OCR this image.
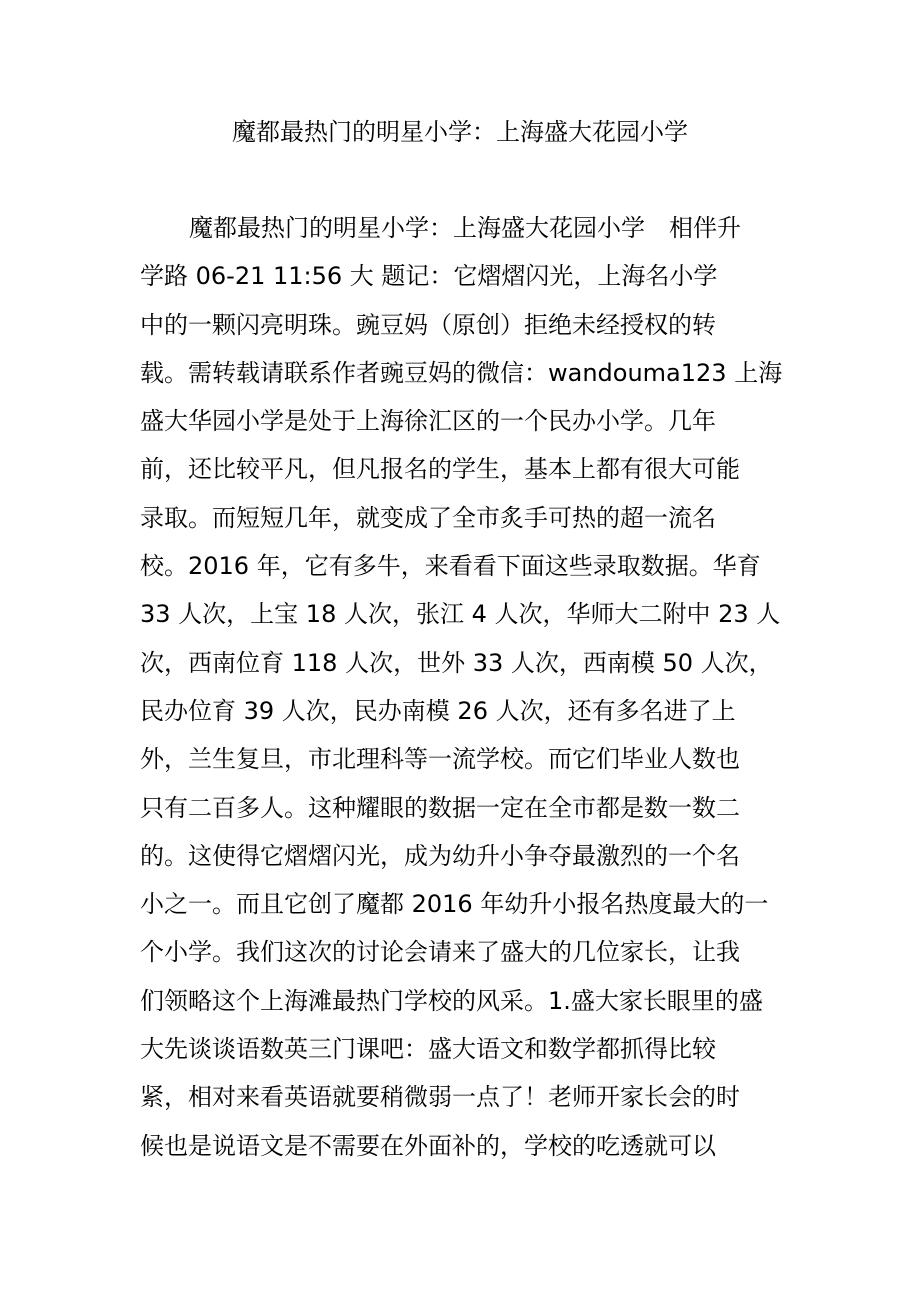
魔都最热门的明星小学：上海盛大花园小学
魔都最热门的明星小学：上海盛大花园小学　相伴升
学路 06-21 11:56 大 题记：它熠熠闪光，上海名小学
中的一颗闪亮明珠。豌豆妈（原创）拒绝未经授权的转
载。需转载请联系作者豌豆妈的微信：wandouma123 上海
盛大华园小学是处于上海徐汇区的一个民办小学。几年
前，还比较平凡，但凡报名的学生，基本上都有很大可能
录取。而短短几年，就变成了全市炙手可热的超一流名
校。2016 年，它有多牛，来看看下面这些录取数据。华育
33 人次，上宝 18 人次，张江 4 人次，华师大二附中 23 人
次，西南位育 118 人次，世外 33 人次，西南模 50 人次，
民办位育 39 人次，民办南模 26 人次，还有多名进了上
外，兰生复旦，市北理科等一流学校。而它们毕业人数也
只有二百多人。这种耀眼的数据一定在全市都是数一数二
的。这使得它熠熠闪光，成为幼升小争夺最激烈的一个名
小之一。而且它创了魔都 2016 年幼升小报名热度最大的一
个小学。我们这次的讨论会请来了盛大的几位家长，让我
们领略这个上海滩最热门学校的风采。1.盛大家长眼里的盛
大先谈谈语数英三门课吧：盛大语文和数学都抓得比较
紧，相对来看英语就要稍微弱一点了！老师开家长会的时
候也是说语文是不需要在外面补的，学校的吃透就可以
